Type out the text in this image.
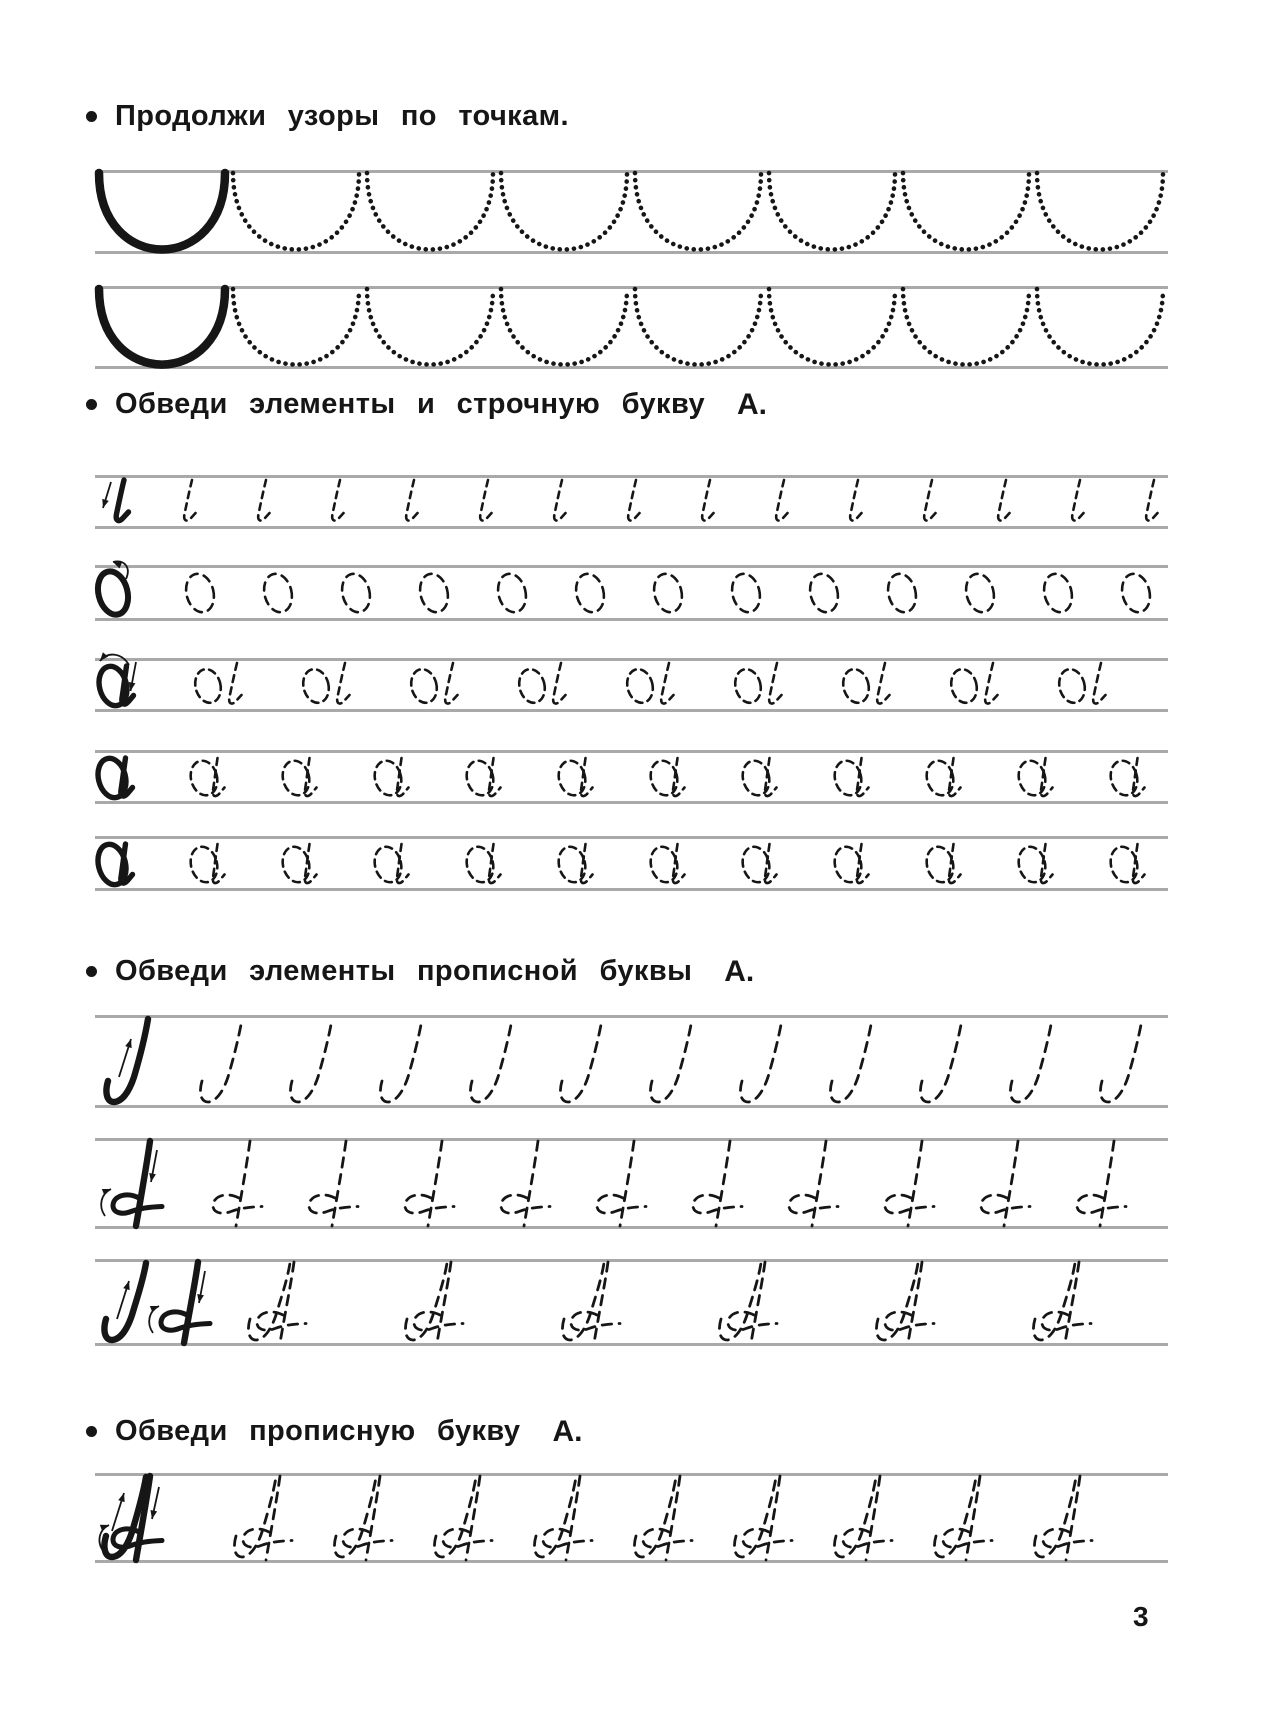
Продолжи узоры по точкам.
Обведи элементы и строчную букву А.
Обведи элементы прописной буквы А.
Обведи прописную букву А.
3
